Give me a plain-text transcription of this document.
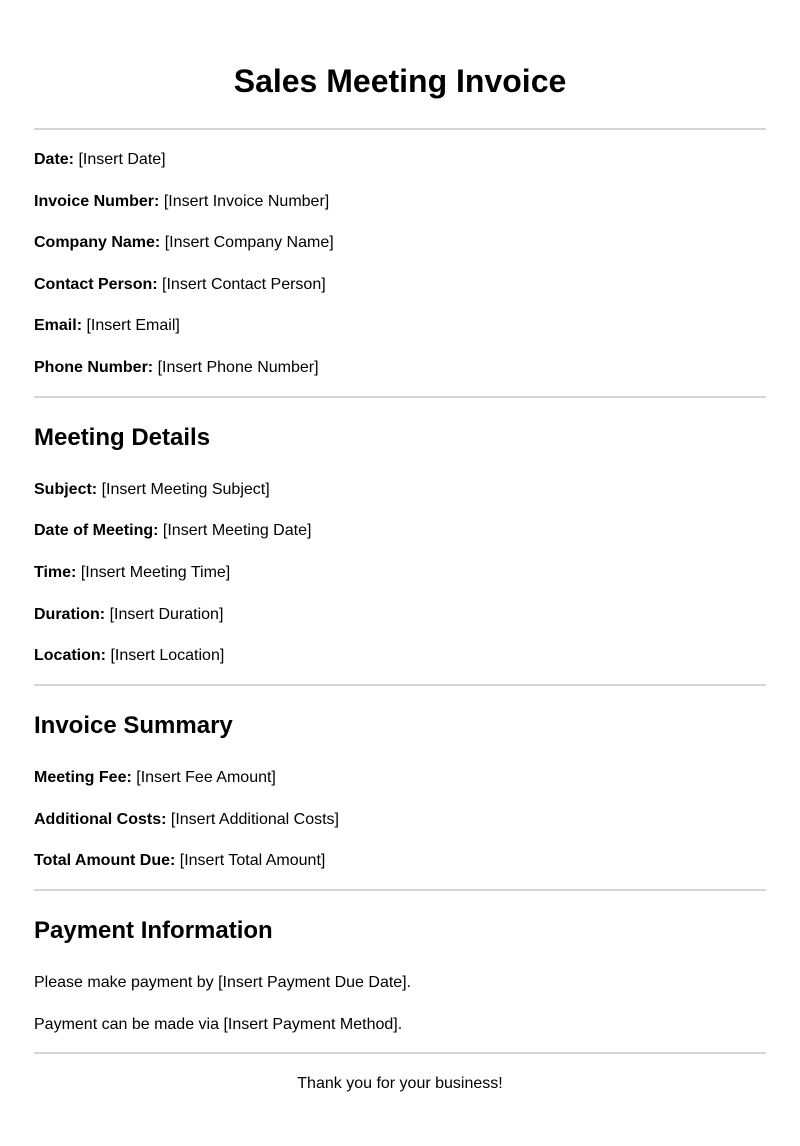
Sales Meeting Invoice
Date: [Insert Date]
Invoice Number: [Insert Invoice Number]
Company Name: [Insert Company Name]
Contact Person: [Insert Contact Person]
Email: [Insert Email]
Phone Number: [Insert Phone Number]
Meeting Details
Subject: [Insert Meeting Subject]
Date of Meeting: [Insert Meeting Date]
Time: [Insert Meeting Time]
Duration: [Insert Duration]
Location: [Insert Location]
Invoice Summary
Meeting Fee: [Insert Fee Amount]
Additional Costs: [Insert Additional Costs]
Total Amount Due: [Insert Total Amount]
Payment Information
Please make payment by [Insert Payment Due Date].
Payment can be made via [Insert Payment Method].
Thank you for your business!
